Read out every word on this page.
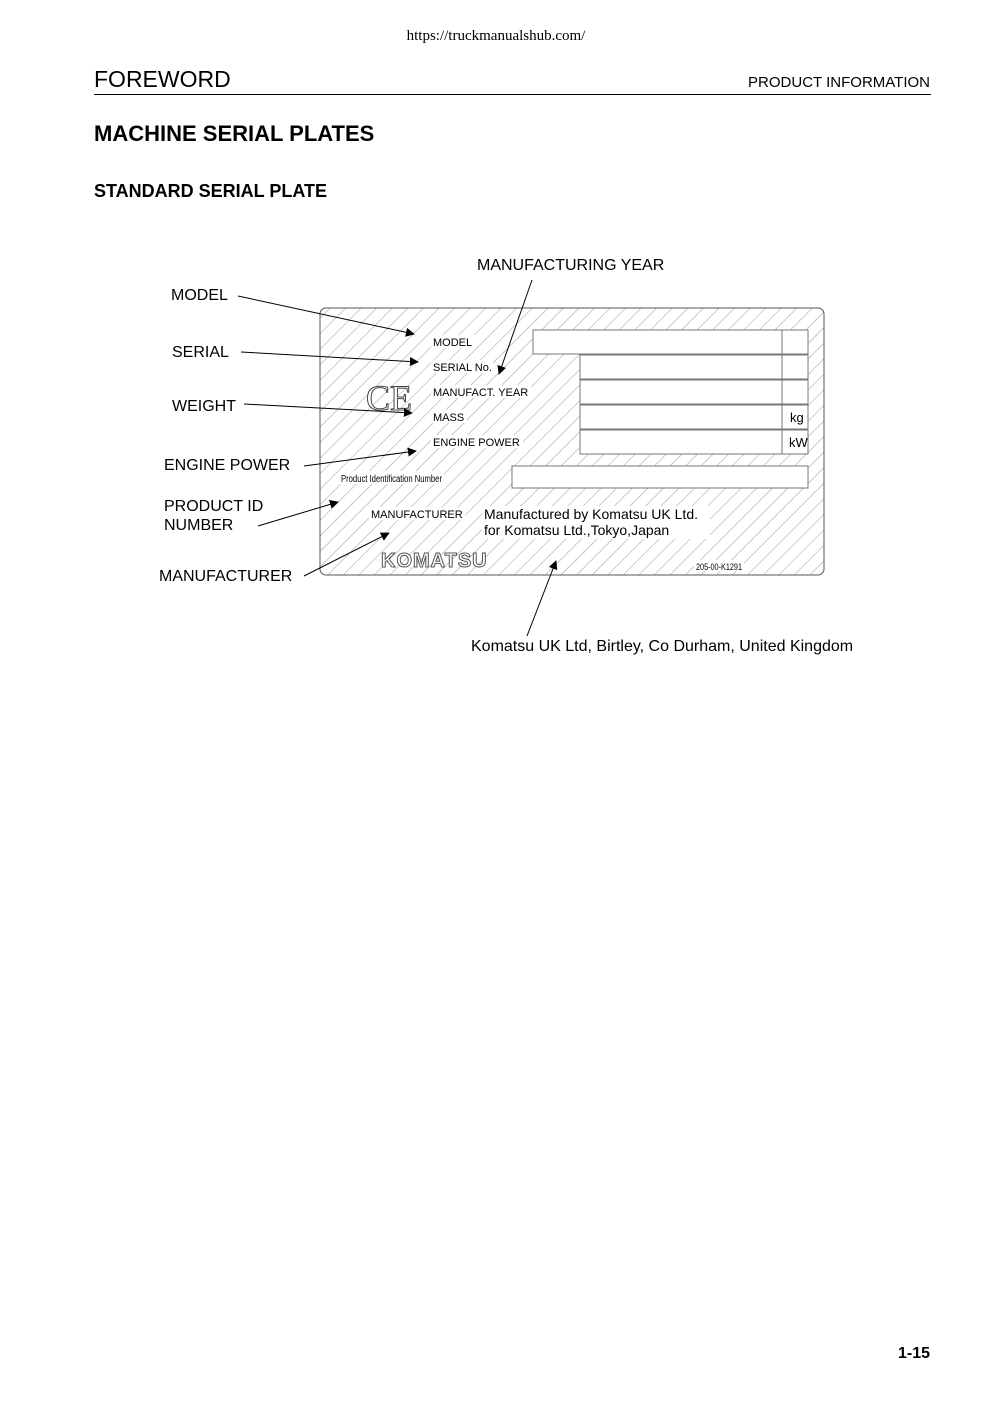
https://truckmanualshub.com/
FOREWORD	PRODUCT INFORMATION
MACHINE SERIAL PLATES
STANDARD SERIAL PLATE
MODEL
SERIAL No.
MANUFACT. YEAR
MASS
ENGINE POWER
kg
kW
Product Identification Number
MANUFACTURER Manufactured by Komatsu UK Ltd.
for Komatsu Ltd.,Tokyo,Japan
CE
KOMATSU	205-00-K1291
MANUFACTURING YEAR
MODEL
SERIAL
WEIGHT
ENGINE POWER
PRODUCT ID
NUMBER
MANUFACTURER
Komatsu UK Ltd, Birtley, Co Durham, United Kingdom
1-15
